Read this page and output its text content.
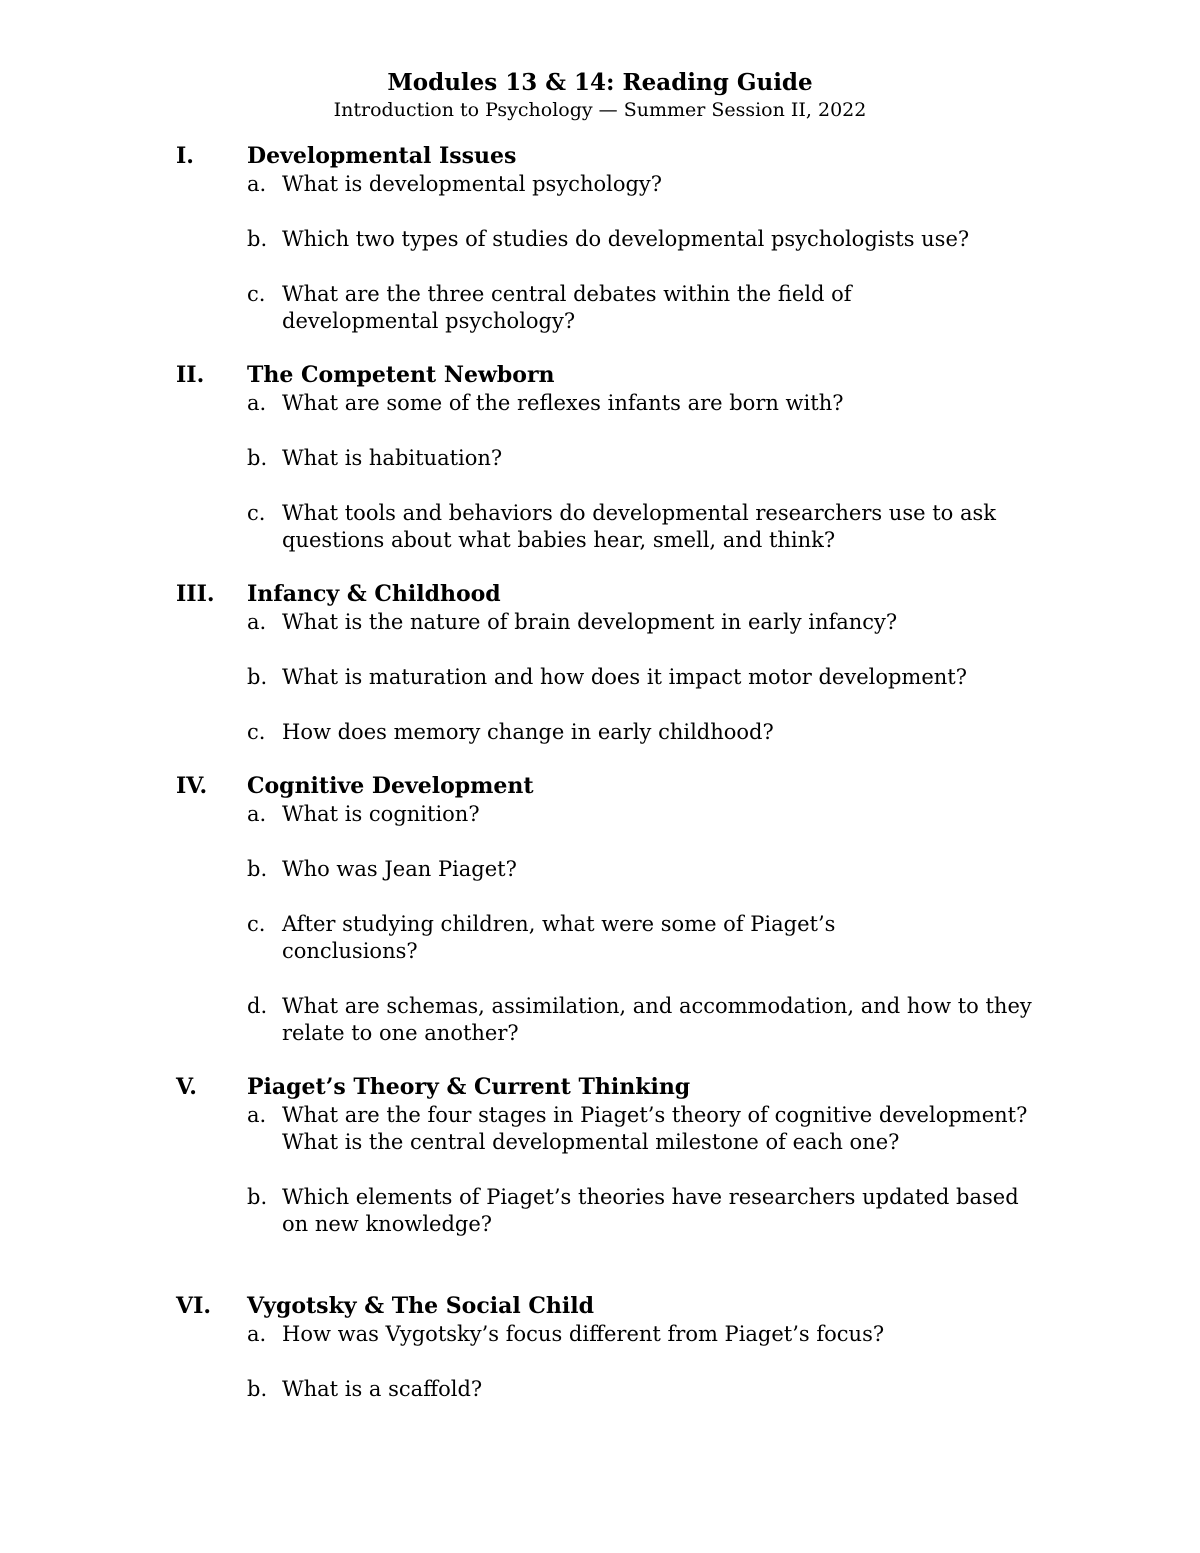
Modules 13 & 14: Reading Guide
Introduction to Psychology — Summer Session II, 2022
I. Developmental Issues
a. What is developmental psychology?
b. Which two types of studies do developmental psychologists use?
c. What are the three central debates within the field of developmental psychology?
II. The Competent Newborn
a. What are some of the reflexes infants are born with?
b. What is habituation?
c. What tools and behaviors do developmental researchers use to ask questions about what babies hear, smell, and think?
III. Infancy & Childhood
a. What is the nature of brain development in early infancy?
b. What is maturation and how does it impact motor development?
c. How does memory change in early childhood?
IV. Cognitive Development
a. What is cognition?
b. Who was Jean Piaget?
c. After studying children, what were some of Piaget’s conclusions?
d. What are schemas, assimilation, and accommodation, and how to they relate to one another?
V. Piaget’s Theory & Current Thinking
a. What are the four stages in Piaget’s theory of cognitive development? What is the central developmental milestone of each one?
b. Which elements of Piaget’s theories have researchers updated based on new knowledge?
VI. Vygotsky & The Social Child
a. How was Vygotsky’s focus different from Piaget’s focus?
b. What is a scaffold?
